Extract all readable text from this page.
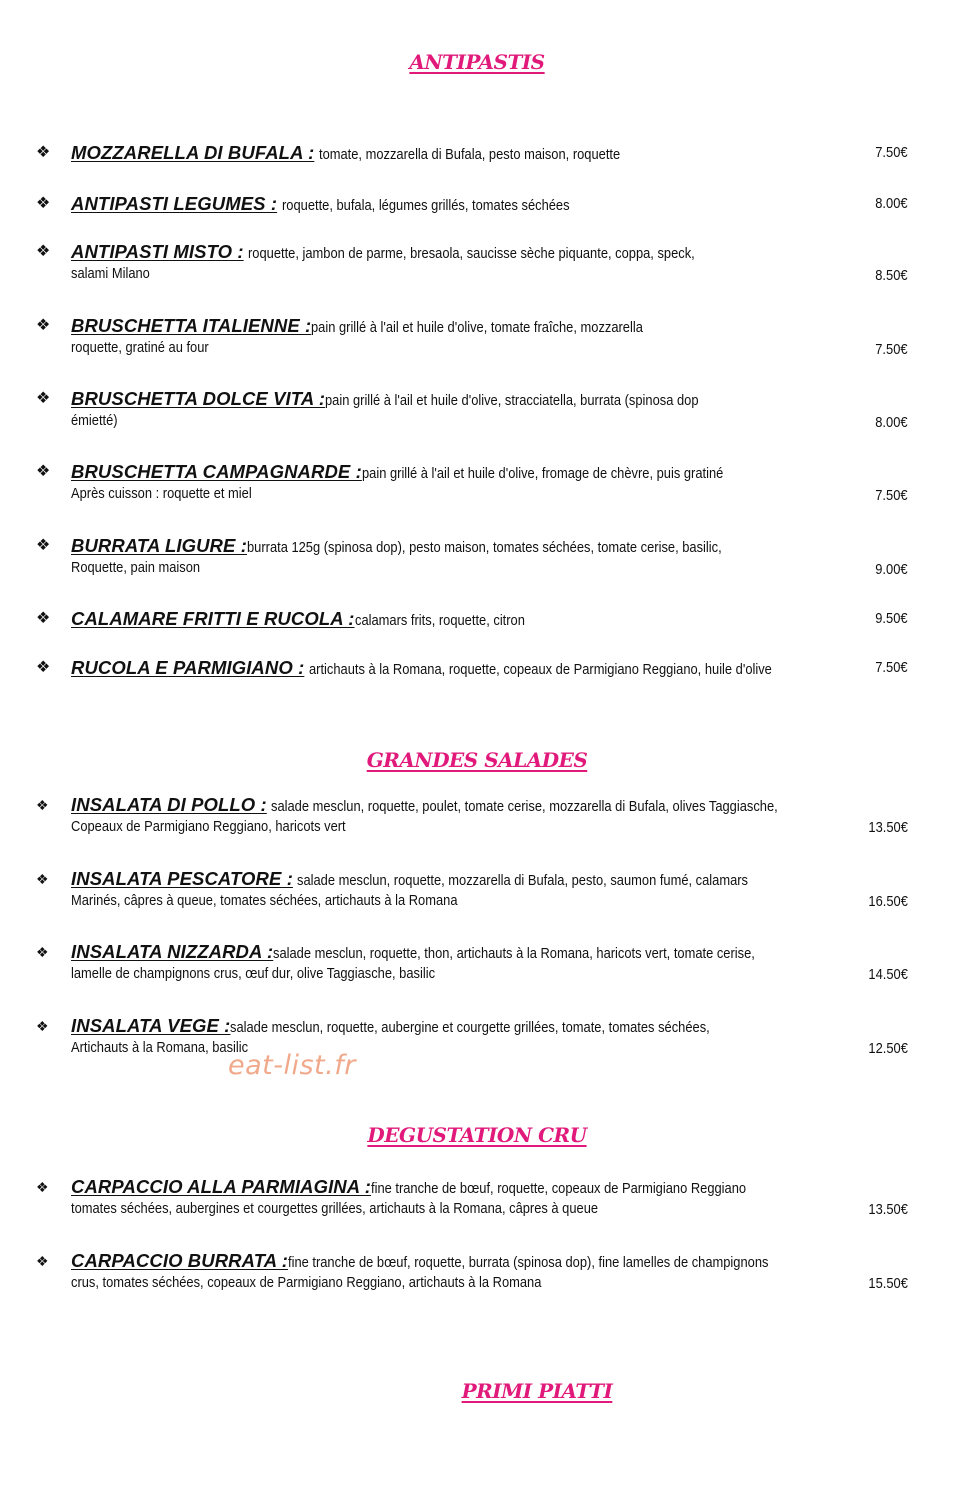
ANTIPASTIS
❖ MOZZARELLA DI BUFALA : tomate, mozzarella di Bufala, pesto maison, roquette	7.50€
❖ ANTIPASTI LEGUMES : roquette, bufala, légumes grillés, tomates séchées	8.00€
❖ ANTIPASTI MISTO : roquette, jambon de parme, bresaola, saucisse sèche piquante, coppa, speck,
salami Milano	8.50€
❖ BRUSCHETTA ITALIENNE :pain grillé à l'ail et huile d'olive, tomate fraîche, mozzarella
roquette, gratiné au four	7.50€
❖ BRUSCHETTA DOLCE VITA :pain grillé à l'ail et huile d'olive, stracciatella, burrata (spinosa dop
émietté)	8.00€
❖ BRUSCHETTA CAMPAGNARDE :pain grillé à l'ail et huile d'olive, fromage de chèvre, puis gratiné
Après cuisson : roquette et miel	7.50€
❖ BURRATA LIGURE :burrata 125g (spinosa dop), pesto maison, tomates séchées, tomate cerise, basilic,
Roquette, pain maison	9.00€
❖ CALAMARE FRITTI E RUCOLA :calamars frits, roquette, citron	9.50€
❖ RUCOLA E PARMIGIANO : artichauts à la Romana, roquette, copeaux de Parmigiano Reggiano, huile d'olive	7.50€
GRANDES SALADES
❖ INSALATA DI POLLO : salade mesclun, roquette, poulet, tomate cerise, mozzarella di Bufala, olives Taggiasche,
Copeaux de Parmigiano Reggiano, haricots vert	13.50€
❖ INSALATA PESCATORE : salade mesclun, roquette, mozzarella di Bufala, pesto, saumon fumé, calamars
Marinés, câpres à queue, tomates séchées, artichauts à la Romana	16.50€
❖ INSALATA NIZZARDA :salade mesclun, roquette, thon, artichauts à la Romana, haricots vert, tomate cerise,
lamelle de champignons crus, œuf dur, olive Taggiasche, basilic	14.50€
❖ INSALATA VEGE :salade mesclun, roquette, aubergine et courgette grillées, tomate, tomates séchées,
Artichauts à la Romana, basilic	12.50€
eat-list.fr
DEGUSTATION CRU
❖ CARPACCIO ALLA PARMIAGINA :fine tranche de bœuf, roquette, copeaux de Parmigiano Reggiano
tomates séchées, aubergines et courgettes grillées, artichauts à la Romana, câpres à queue	13.50€
❖ CARPACCIO BURRATA :fine tranche de bœuf, roquette, burrata (spinosa dop), fine lamelles de champignons
crus, tomates séchées, copeaux de Parmigiano Reggiano, artichauts à la Romana	15.50€
PRIMI PIATTI
